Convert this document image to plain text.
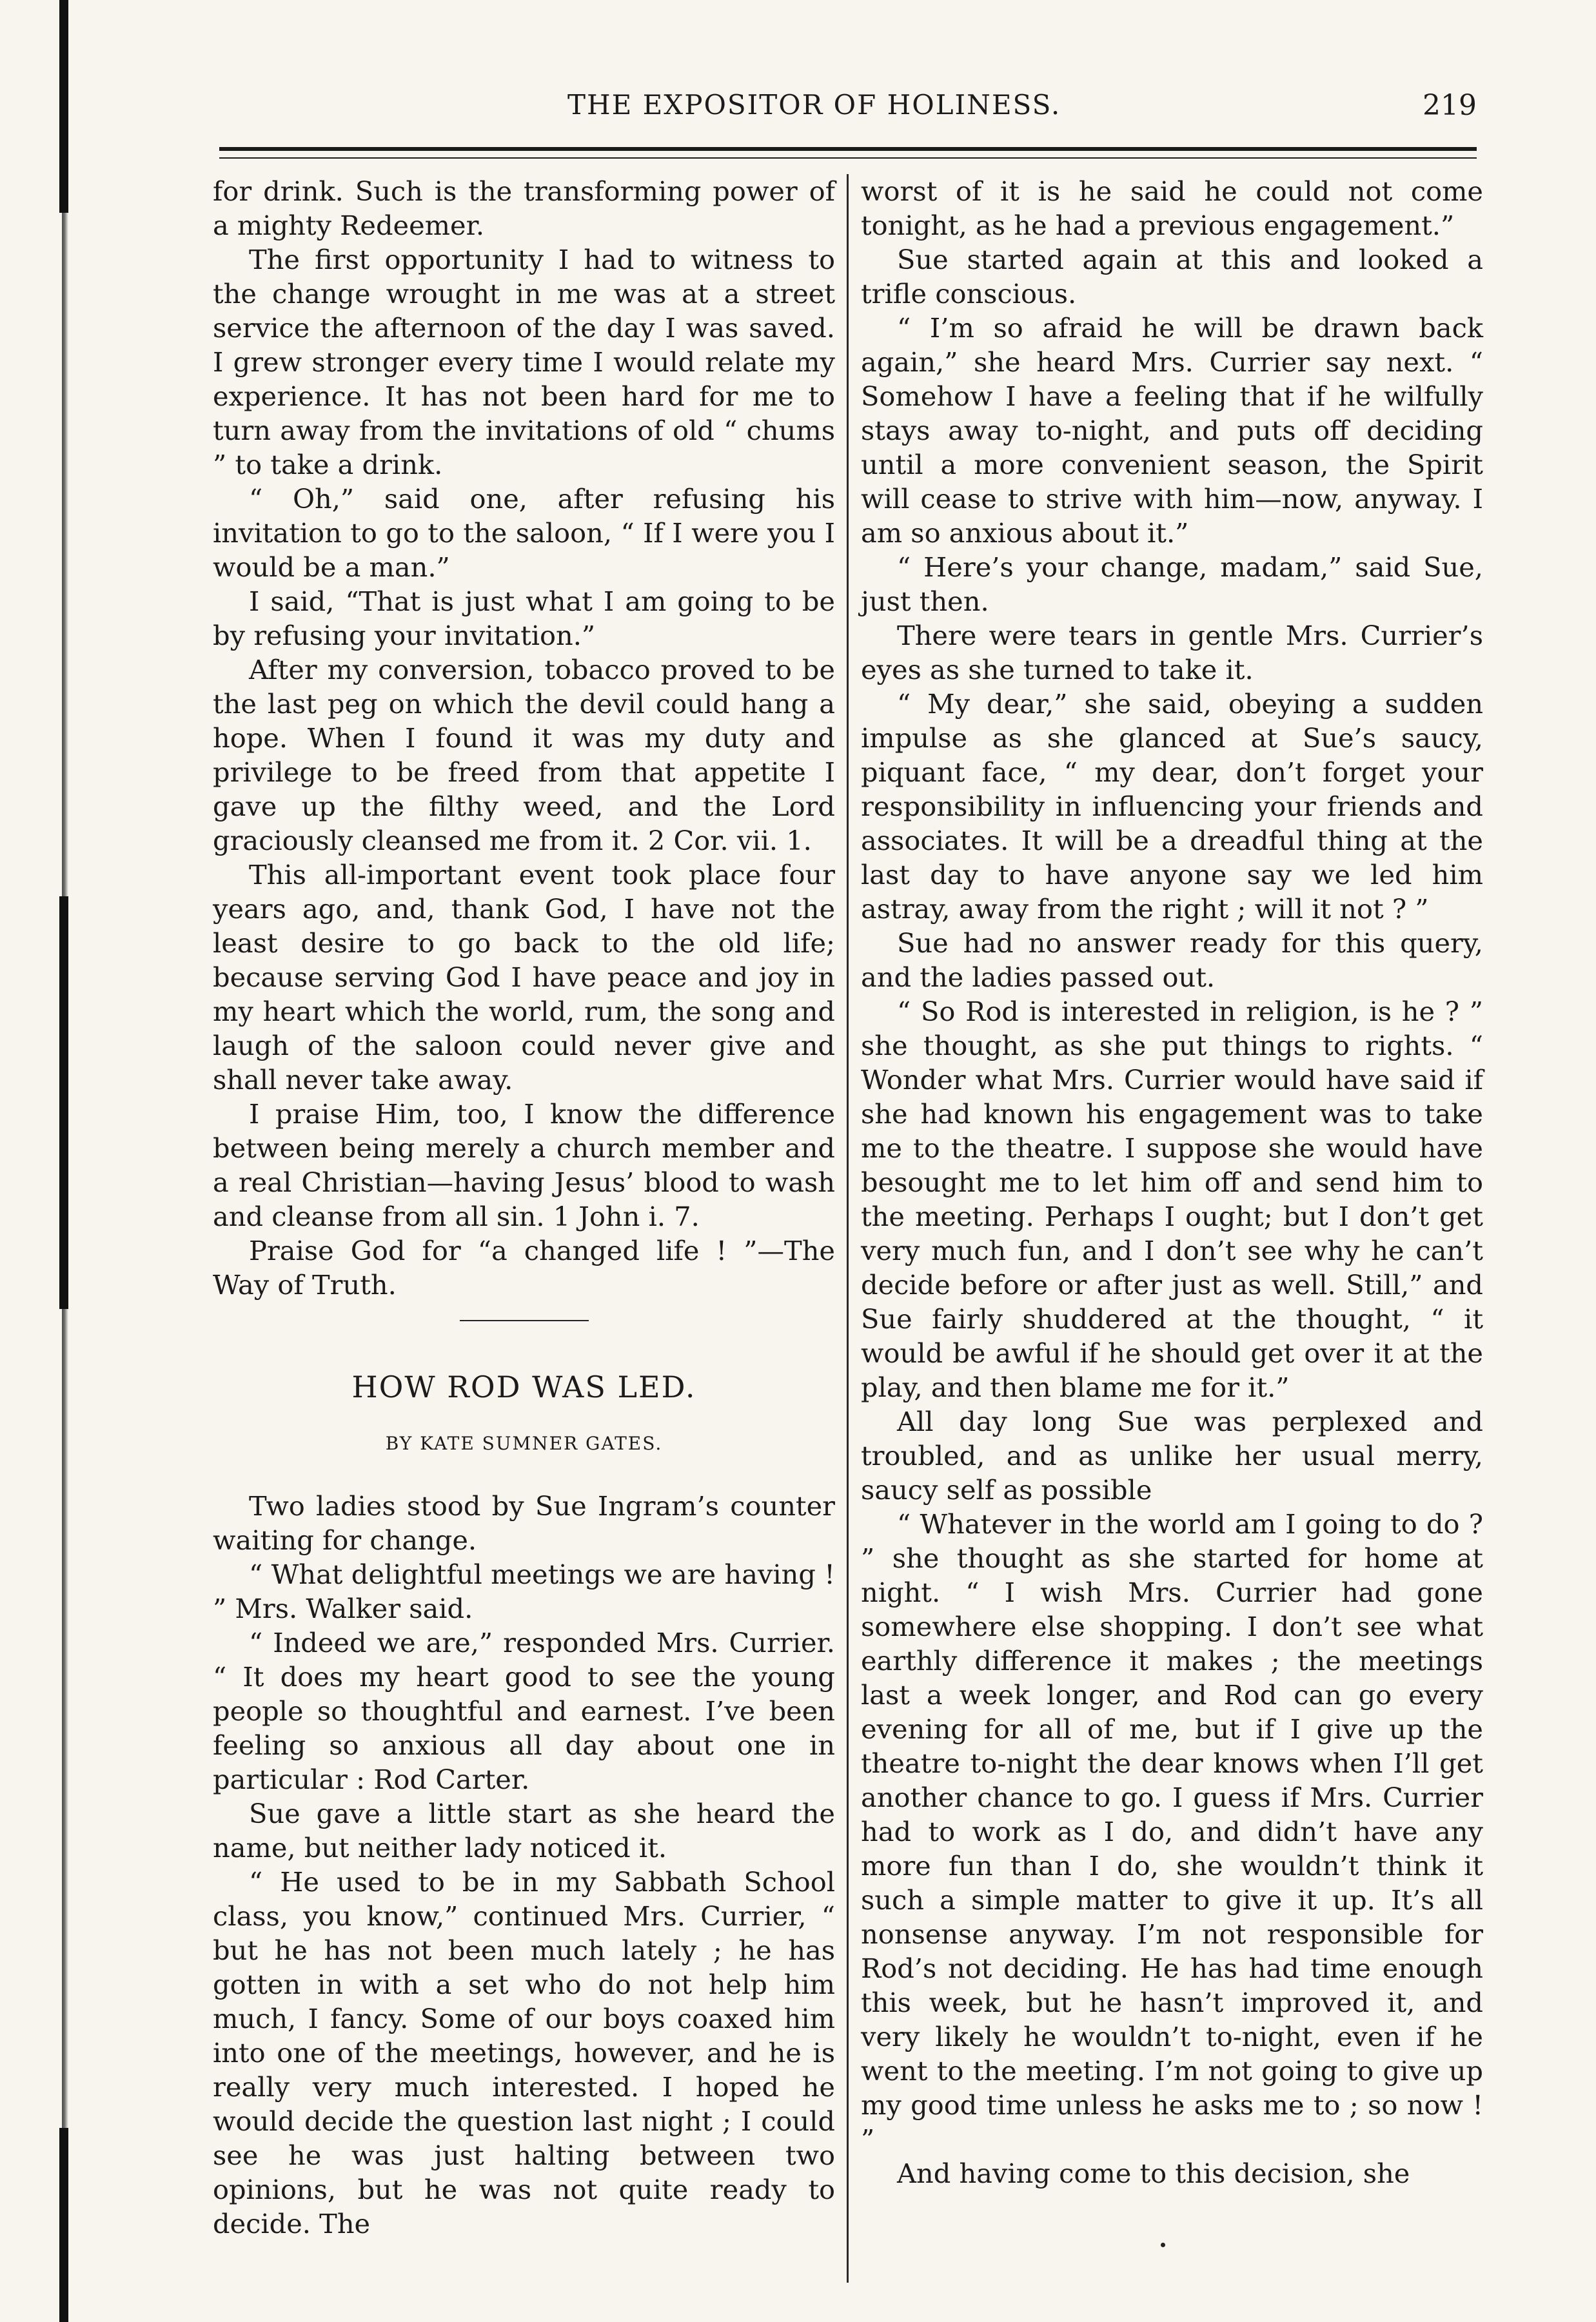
THE EXPOSITOR OF HOLINESS.	219

for drink. Such is the transforming power of a mighty Redeemer.

The first opportunity I had to witness to the change wrought in me was at a street service the afternoon of the day I was saved. I grew stronger every time I would relate my experience. It has not been hard for me to turn away from the invitations of old “ chums ” to take a drink.

“ Oh,” said one, after refusing his invitation to go to the saloon, “ If I were you I would be a man.”

I said, “That is just what I am going to be by refusing your invitation.”

After my conversion, tobacco proved to be the last peg on which the devil could hang a hope. When I found it was my duty and privilege to be freed from that appetite I gave up the filthy weed, and the Lord graciously cleansed me from it. 2 Cor. vii. 1.

This all-important event took place four years ago, and, thank God, I have not the least desire to go back to the old life; because serving God I have peace and joy in my heart which the world, rum, the song and laugh of the saloon could never give and shall never take away.

I praise Him, too, I know the difference between being merely a church member and a real Christian—having Jesus’ blood to wash and cleanse from all sin. 1 John i. 7.

Praise God for “a changed life ! ”—The Way of Truth.

HOW ROD WAS LED.
BY KATE SUMNER GATES.

Two ladies stood by Sue Ingram’s counter waiting for change.

“ What delightful meetings we are having ! ” Mrs. Walker said.

“ Indeed we are,” responded Mrs. Currier. “ It does my heart good to see the young people so thoughtful and earnest. I’ve been feeling so anxious all day about one in particular : Rod Carter.

Sue gave a little start as she heard the name, but neither lady noticed it.

“ He used to be in my Sabbath School class, you know,” continued Mrs. Currier, “ but he has not been much lately ; he has gotten in with a set who do not help him much, I fancy. Some of our boys coaxed him into one of the meetings, however, and he is really very much interested. I hoped he would decide the question last night ; I could see he was just halting between two opinions, but he was not quite ready to decide. The

worst of it is he said he could not come tonight, as he had a previous engagement.”

Sue started again at this and looked a trifle conscious.

“ I’m so afraid he will be drawn back again,” she heard Mrs. Currier say next. “ Somehow I have a feeling that if he wilfully stays away to-night, and puts off deciding until a more convenient season, the Spirit will cease to strive with him—now, anyway. I am so anxious about it.”

“ Here’s your change, madam,” said Sue, just then.

There were tears in gentle Mrs. Currier’s eyes as she turned to take it.

“ My dear,” she said, obeying a sudden impulse as she glanced at Sue’s saucy, piquant face, “ my dear, don’t forget your responsibility in influencing your friends and associates. It will be a dreadful thing at the last day to have anyone say we led him astray, away from the right ; will it not ? ”

Sue had no answer ready for this query, and the ladies passed out.

“ So Rod is interested in religion, is he ? ” she thought, as she put things to rights. “ Wonder what Mrs. Currier would have said if she had known his engagement was to take me to the theatre. I suppose she would have besought me to let him off and send him to the meeting. Perhaps I ought; but I don’t get very much fun, and I don’t see why he can’t decide before or after just as well. Still,” and Sue fairly shuddered at the thought, “ it would be awful if he should get over it at the play, and then blame me for it.”

All day long Sue was perplexed and troubled, and as unlike her usual merry, saucy self as possible

“ Whatever in the world am I going to do ? ” she thought as she started for home at night. “ I wish Mrs. Currier had gone somewhere else shopping. I don’t see what earthly difference it makes ; the meetings last a week longer, and Rod can go every evening for all of me, but if I give up the theatre to-night the dear knows when I’ll get another chance to go. I guess if Mrs. Currier had to work as I do, and didn’t have any more fun than I do, she wouldn’t think it such a simple matter to give it up. It’s all nonsense anyway. I’m not responsible for Rod’s not deciding. He has had time enough this week, but he hasn’t improved it, and very likely he wouldn’t to-night, even if he went to the meeting. I’m not going to give up my good time unless he asks me to ; so now ! ”

And having come to this decision, she
